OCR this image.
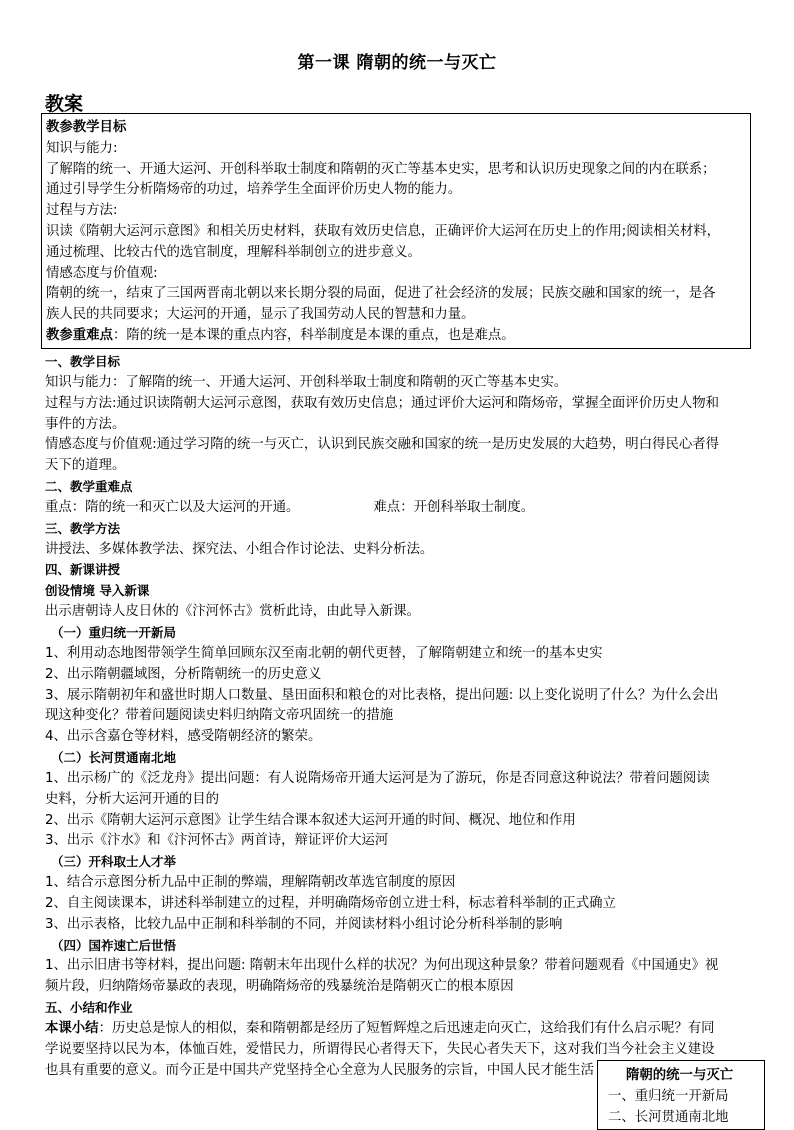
第一课 隋朝的统一与灭亡
教案
教参教学目标
知识与能力:
了解隋的统一、开通大运河、开创科举取士制度和隋朝的灭亡等基本史实，思考和认识历史现象之间的内在联系；
通过引导学生分析隋炀帝的功过，培养学生全面评价历史人物的能力。
过程与方法:
识读《隋朝大运河示意图》和相关历史材料，获取有效历史信息，正确评价大运河在历史上的作用;阅读相关材料，
通过梳理、比较古代的选官制度，理解科举制创立的进步意义。
情感态度与价值观:
隋朝的统一，结束了三国两晋南北朝以来长期分裂的局面，促进了社会经济的发展；民族交融和国家的统一，是各
族人民的共同要求；大运河的开通，显示了我国劳动人民的智慧和力量。
教参重难点：隋的统一是本课的重点内容，科举制度是本课的重点，也是难点。
一、教学目标
知识与能力：了解隋的统一、开通大运河、开创科举取士制度和隋朝的灭亡等基本史实。
过程与方法:通过识读隋朝大运河示意图，获取有效历史信息；通过评价大运河和隋炀帝，掌握全面评价历史人物和
事件的方法。
情感态度与价值观:通过学习隋的统一与灭亡，认识到民族交融和国家的统一是历史发展的大趋势，明白得民心者得
天下的道理。
二、教学重难点
重点：隋的统一和灭亡以及大运河的开通。	难点：开创科举取士制度。
三、教学方法
讲授法、多媒体教学法、探究法、小组合作讨论法、史料分析法。
四、新课讲授
创设情境 导入新课
出示唐朝诗人皮日休的《汴河怀古》赏析此诗，由此导入新课。
（一）重归统一开新局
1、利用动态地图带领学生简单回顾东汉至南北朝的朝代更替，了解隋朝建立和统一的基本史实
2、出示隋朝疆域图，分析隋朝统一的历史意义
3、展示隋朝初年和盛世时期人口数量、垦田面积和粮仓的对比表格，提出问题: 以上变化说明了什么？为什么会出
现这种变化？带着问题阅读史料归纳隋文帝巩固统一的措施
4、出示含嘉仓等材料，感受隋朝经济的繁荣。
（二）长河贯通南北地
1、出示杨广的《泛龙舟》提出问题：有人说隋炀帝开通大运河是为了游玩，你是否同意这种说法？带着问题阅读
史料，分析大运河开通的目的
2、出示《隋朝大运河示意图》让学生结合课本叙述大运河开通的时间、概况、地位和作用
3、出示《汴水》和《汴河怀古》两首诗，辩证评价大运河
（三）开科取士人才举
1、结合示意图分析九品中正制的弊端，理解隋朝改革选官制度的原因
2、自主阅读课本，讲述科举制建立的过程，并明确隋炀帝创立进士科，标志着科举制的正式确立
3、出示表格，比较九品中正制和科举制的不同，并阅读材料小组讨论分析科举制的影响
（四）国祚速亡后世悟
1、出示旧唐书等材料，提出问题: 隋朝末年出现什么样的状况？为何出现这种景象？带着问题观看《中国通史》视
频片段，归纳隋炀帝暴政的表现，明确隋炀帝的残暴统治是隋朝灭亡的根本原因
五、小结和作业
本课小结：历史总是惊人的相似，秦和隋朝都是经历了短暂辉煌之后迅速走向灭亡，这给我们有什么启示呢？有同
学说要坚持以民为本，体恤百姓，爱惜民力，所谓得民心者得天下，失民心者失天下，这对我们当今社会主义建设
也具有重要的意义。而今正是中国共产党坚持全心全意为人民服务的宗旨，中国人民才能生活	隋朝的统一与灭亡
一、重归统一开新局
二、长河贯通南北地
